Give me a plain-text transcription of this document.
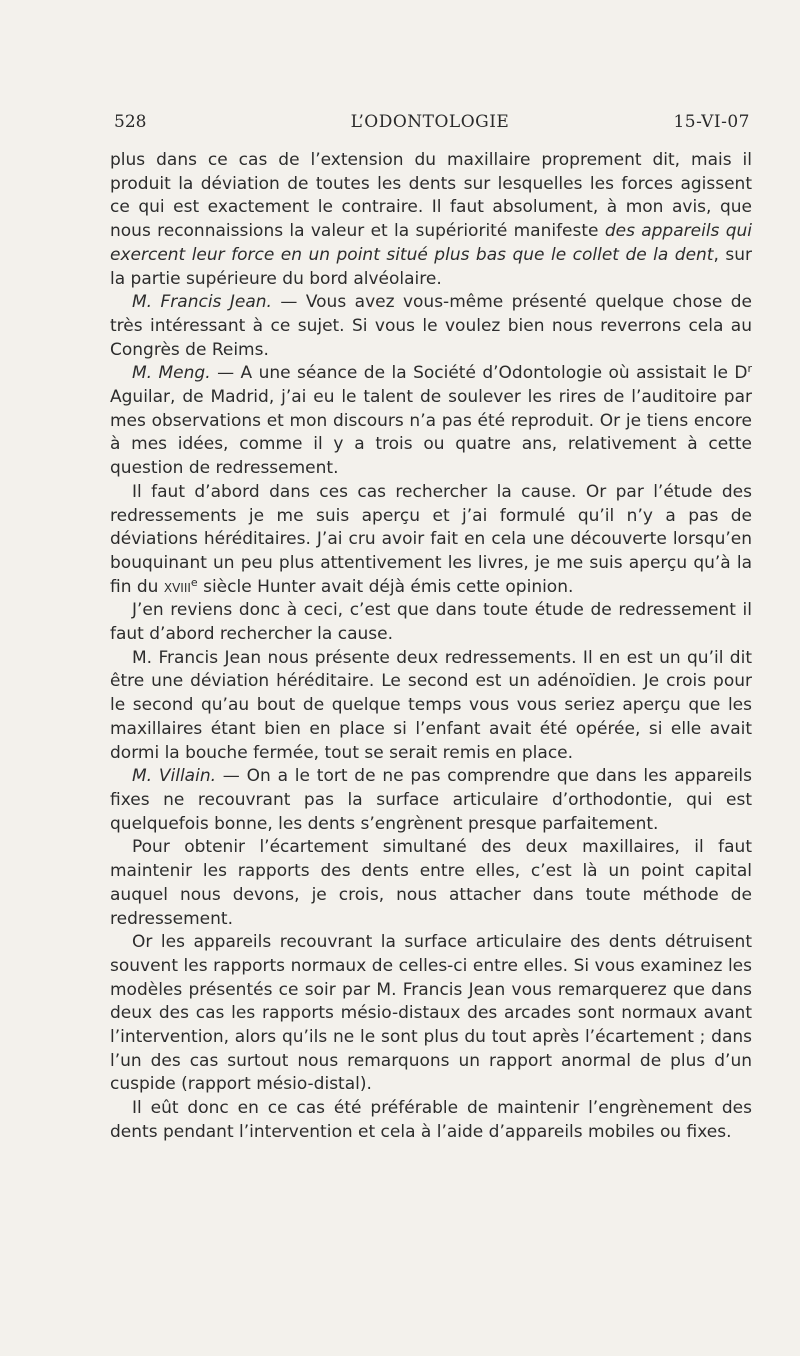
528	L’ODONTOLOGIE	15-VI-07

plus dans ce cas de l’extension du maxillaire proprement dit, mais il produit la déviation de toutes les dents sur lesquelles les forces agissent ce qui est exactement le contraire. Il faut absolument, à mon avis, que nous reconnaissions la valeur et la supériorité manifeste des appareils qui exercent leur force en un point situé plus bas que le collet de la dent, sur la partie supérieure du bord alvéolaire.

M. Francis Jean. — Vous avez vous-même présenté quelque chose de très intéressant à ce sujet. Si vous le voulez bien nous reverrons cela au Congrès de Reims.

M. Meng. — A une séance de la Société d’Odontologie où assistait le $D^r$ Aguilar, de Madrid, j’ai eu le talent de soulever les rires de l’auditoire par mes observations et mon discours n’a pas été reproduit. Or je tiens encore à mes idées, comme il y a trois ou quatre ans, relativement à cette question de redressement.

Il faut d’abord dans ces cas rechercher la cause. Or par l’étude des redressements je me suis aperçu et j’ai formulé qu’il n’y a pas de déviations héréditaires. J’ai cru avoir fait en cela une découverte lorsqu’en bouquinant un peu plus attentivement les livres, je me suis aperçu qu’à la fin du xviii$^e$ siècle Hunter avait déjà émis cette opinion.

J’en reviens donc à ceci, c’est que dans toute étude de redressement il faut d’abord rechercher la cause.

M. Francis Jean nous présente deux redressements. Il en est un qu’il dit être une déviation héréditaire. Le second est un adénoïdien. Je crois pour le second qu’au bout de quelque temps vous vous seriez aperçu que les maxillaires étant bien en place si l’enfant avait été opérée, si elle avait dormi la bouche fermée, tout se serait remis en place.

M. Villain. — On a le tort de ne pas comprendre que dans les appareils fixes ne recouvrant pas la surface articulaire d’orthodontie, qui est quelquefois bonne, les dents s’engrènent presque parfaitement.

Pour obtenir l’écartement simultané des deux maxillaires, il faut maintenir les rapports des dents entre elles, c’est là un point capital auquel nous devons, je crois, nous attacher dans toute méthode de redressement.

Or les appareils recouvrant la surface articulaire des dents détruisent souvent les rapports normaux de celles-ci entre elles. Si vous examinez les modèles présentés ce soir par M. Francis Jean vous remarquerez que dans deux des cas les rapports mésio-distaux des arcades sont normaux avant l’intervention, alors qu’ils ne le sont plus du tout après l’écartement ; dans l’un des cas surtout nous remarquons un rapport anormal de plus d’un cuspide (rapport mésio-distal).

Il eût donc en ce cas été préférable de maintenir l’engrènement des dents pendant l’intervention et cela à l’aide d’appareils mobiles ou fixes.
